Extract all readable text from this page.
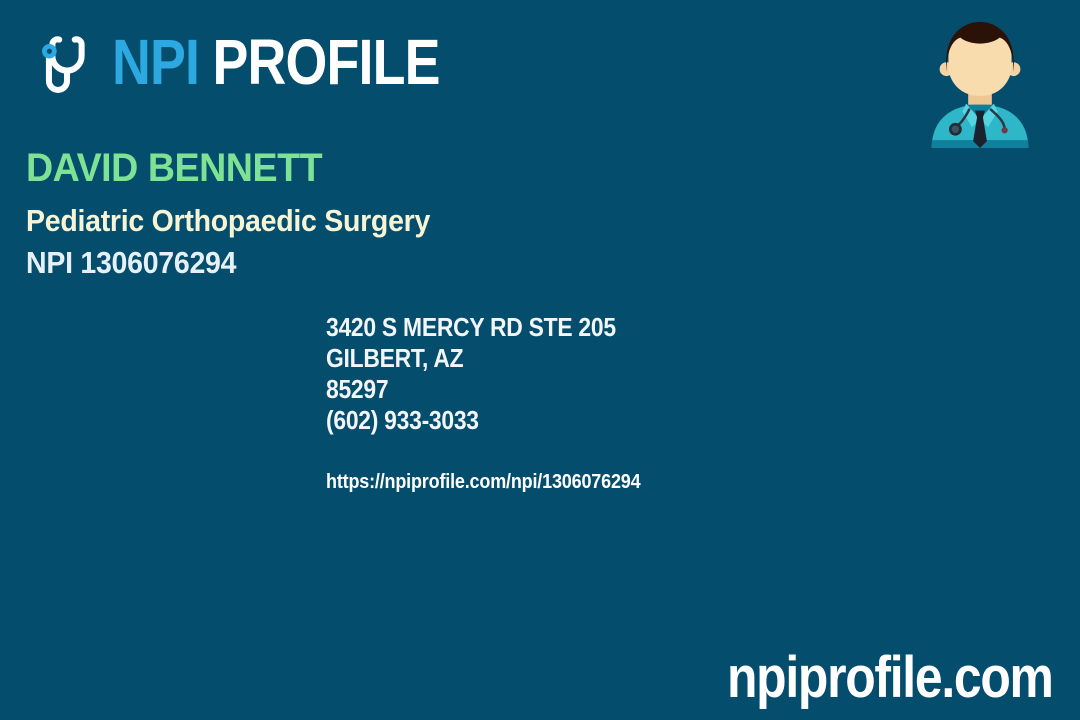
NPI PROFILE
DAVID BENNETT
Pediatric Orthopaedic Surgery
NPI 1306076294
3420 S MERCY RD STE 205
GILBERT, AZ
85297
(602) 933-3033
https://npiprofile.com/npi/1306076294
npiprofile.com
